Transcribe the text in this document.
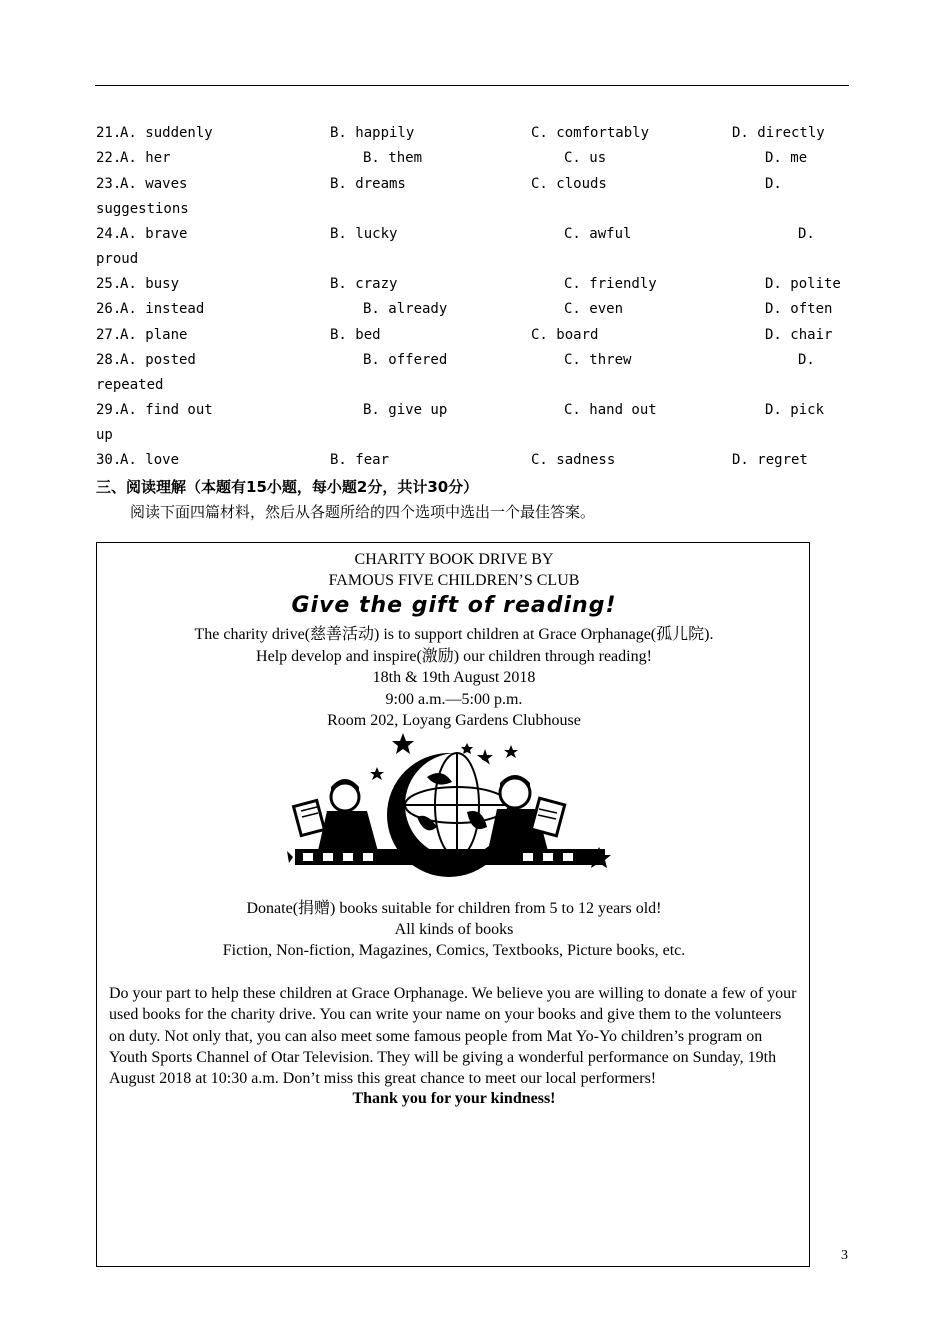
21.
A. suddenly	B. happily	C. comfortably	D. directly
22.
A. her	B. them	C. us	D. me
23.
A. waves	B. dreams	C. clouds	D.
suggestions
24.
A. brave	B. lucky	C. awful	D.
proud
25.
A. busy	B. crazy	C. friendly	D. polite
26.
A. instead	B. already	C. even	D. often
27.
A. plane	B. bed	C. board	D. chair
28.
A. posted	B. offered	C. threw	D.
repeated
29.
A. find out	B. give up	C. hand out	D. pick
up
30.
A. love	B. fear	C. sadness	D. regret
三、阅读理解（本题有15小题，每小题2分，共计30分）
阅读下面四篇材料，然后从各题所给的四个选项中选出一个最佳答案。
CHARITY BOOK DRIVE BY
FAMOUS FIVE CHILDREN’S CLUB
Give the gift of reading!
The charity drive(慈善活动) is to support children at Grace Orphanage(孤儿院).
Help develop and inspire(激励) our children through reading!
18th & 19th August 2018
9:00 a.m.—5:00 p.m.
Room 202, Loyang Gardens Clubhouse
Donate(捐赠) books suitable for children from 5 to 12 years old!
All kinds of books
Fiction, Non-fiction, Magazines, Comics, Textbooks, Picture books, etc.
Do your part to help these children at Grace Orphanage. We believe you are willing to donate a few of your used books for the charity drive. You can write your name on your books and give them to the volunteers on duty. Not only that, you can also meet some famous people from Mat Yo-Yo children’s program on Youth Sports Channel of Otar Television. They will be giving a wonderful performance on Sunday, 19th August 2018 at 10:30 a.m. Don’t miss this great chance to meet our local performers!
Thank you for your kindness!
3
